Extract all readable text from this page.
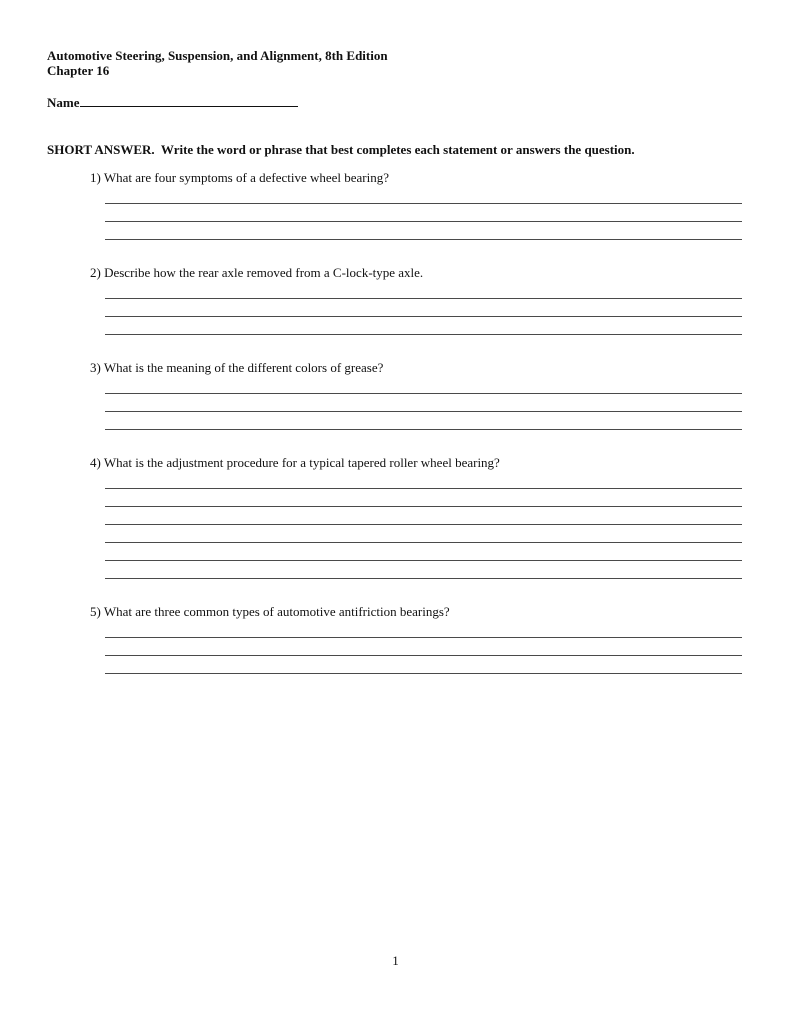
Automotive Steering, Suspension, and Alignment, 8th Edition
Chapter 16
Name
SHORT ANSWER.  Write the word or phrase that best completes each statement or answers the question.
1) What are four symptoms of a defective wheel bearing?
2) Describe how the rear axle removed from a C-lock-type axle.
3) What is the meaning of the different colors of grease?
4) What is the adjustment procedure for a typical tapered roller wheel bearing?
5) What are three common types of automotive antifriction bearings?
1
